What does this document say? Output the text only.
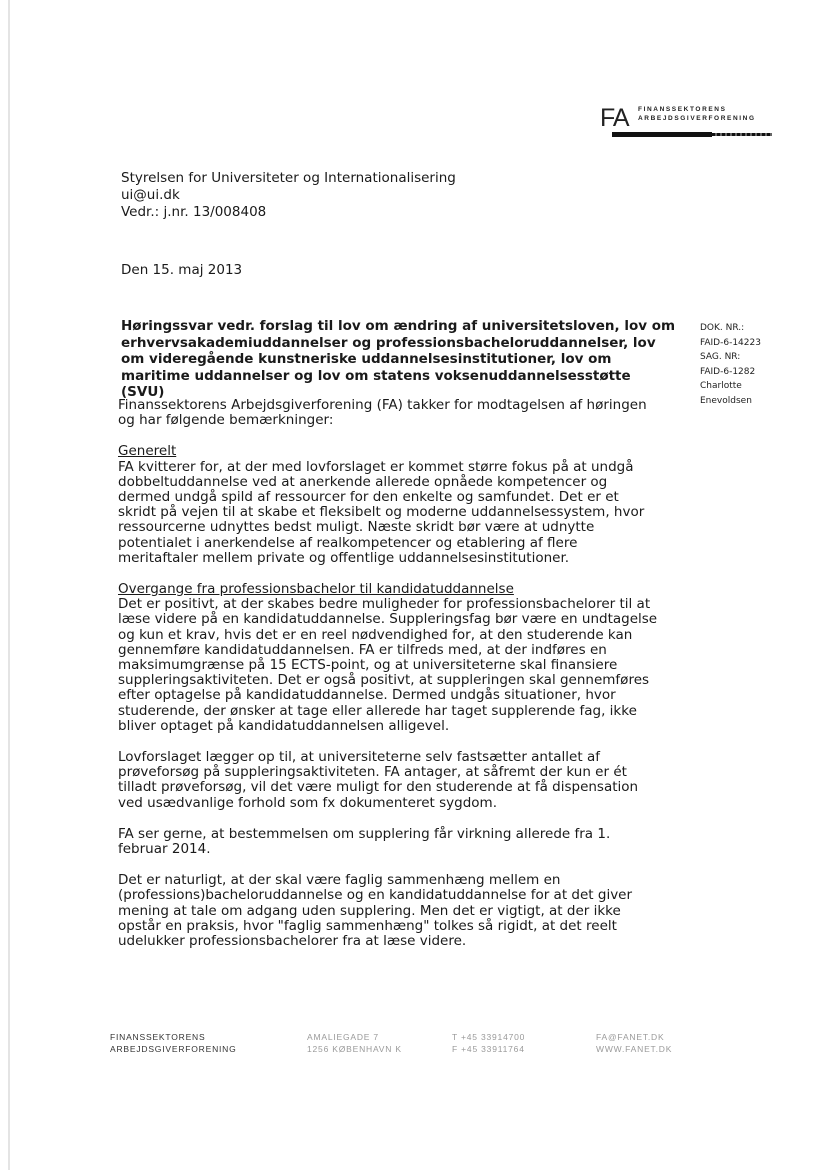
FA FINANSSEKTORENS
ARBEJDSGIVERFORENING
Styrelsen for Universiteter og Internationalisering
ui@ui.dk
Vedr.: j.nr. 13/008408
Den 15. maj 2013
Høringssvar vedr. forslag til lov om ændring af universitetsloven, lov om erhvervsakademiuddannelser og professionsbacheloruddannelser, lov om videregående kunstneriske uddannelsesinstitutioner, lov om maritime uddannelser og lov om statens voksenuddannelsesstøtte (SVU)
DOK. NR.:
FAID-6-14223
SAG. NR:
FAID-6-1282
Charlotte
Enevoldsen

Finanssektorens Arbejdsgiverforening (FA) takker for modtagelsen af høringen og har følgende bemærkninger:

Generelt
FA kvitterer for, at der med lovforslaget er kommet større fokus på at undgå dobbeltuddannelse ved at anerkende allerede opnåede kompetencer og dermed undgå spild af ressourcer for den enkelte og samfundet. Det er et skridt på vejen til at skabe et fleksibelt og moderne uddannelsessystem, hvor ressourcerne udnyttes bedst muligt. Næste skridt bør være at udnytte potentialet i anerkendelse af realkompetencer og etablering af flere meritaftaler mellem private og offentlige uddannelsesinstitutioner.

Overgange fra professionsbachelor til kandidatuddannelse
Det er positivt, at der skabes bedre muligheder for professionsbachelorer til at læse videre på en kandidatuddannelse. Suppleringsfag bør være en undtagelse og kun et krav, hvis det er en reel nødvendighed for, at den studerende kan gennemføre kandidatuddannelsen. FA er tilfreds med, at der indføres en maksimumgrænse på 15 ECTS-point, og at universiteterne skal finansiere suppleringsaktiviteten. Det er også positivt, at suppleringen skal gennemføres efter optagelse på kandidatuddannelse. Dermed undgås situationer, hvor studerende, der ønsker at tage eller allerede har taget supplerende fag, ikke bliver optaget på kandidatuddannelsen alligevel.

Lovforslaget lægger op til, at universiteterne selv fastsætter antallet af prøveforsøg på suppleringsaktiviteten. FA antager, at såfremt der kun er ét tilladt prøveforsøg, vil det være muligt for den studerende at få dispensation ved usædvanlige forhold som fx dokumenteret sygdom.

FA ser gerne, at bestemmelsen om supplering får virkning allerede fra 1. februar 2014.

Det er naturligt, at der skal være faglig sammenhæng mellem en (professions)bacheloruddannelse og en kandidatuddannelse for at det giver mening at tale om adgang uden supplering. Men det er vigtigt, at der ikke opstår en praksis, hvor "faglig sammenhæng" tolkes så rigidt, at det reelt udelukker professionsbachelorer fra at læse videre.

FINANSSEKTORENS
ARBEJDSGIVERFORENING
AMALIEGADE 7
1256 KØBENHAVN K
T +45 33914700
F +45 33911764
FA@FANET.DK
WWW.FANET.DK
